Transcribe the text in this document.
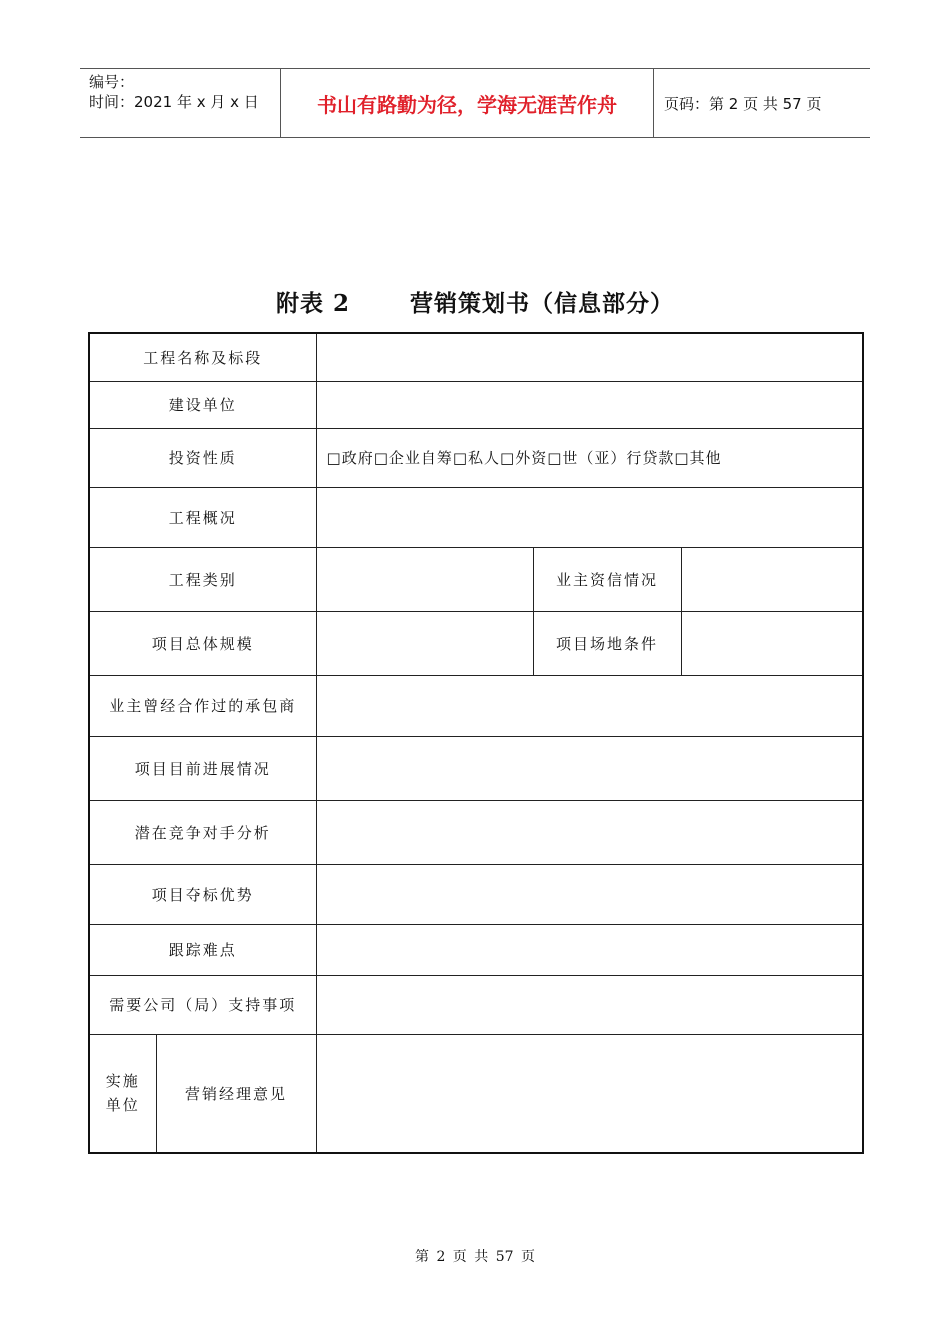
编号：
时间：2021 年 x 月 x 日	书山有路勤为径，学海无涯苦作舟	页码：第 2 页 共 57 页
附表 2	营销策划书（信息部分）
工程名称及标段				
建设单位				
投资性质		□政府□企业自筹□私人□外资□世（亚）行贷款□其他		
工程概况				
工程类别			业主资信情况	
项目总体规模			项目场地条件	
业主曾经合作过的承包商				
项目目前进展情况				
潜在竞争对手分析				
项目夺标优势				
跟踪难点				
需要公司（局）支持事项				

实施
单位	营销经理意见			
第 2 页 共 57 页
